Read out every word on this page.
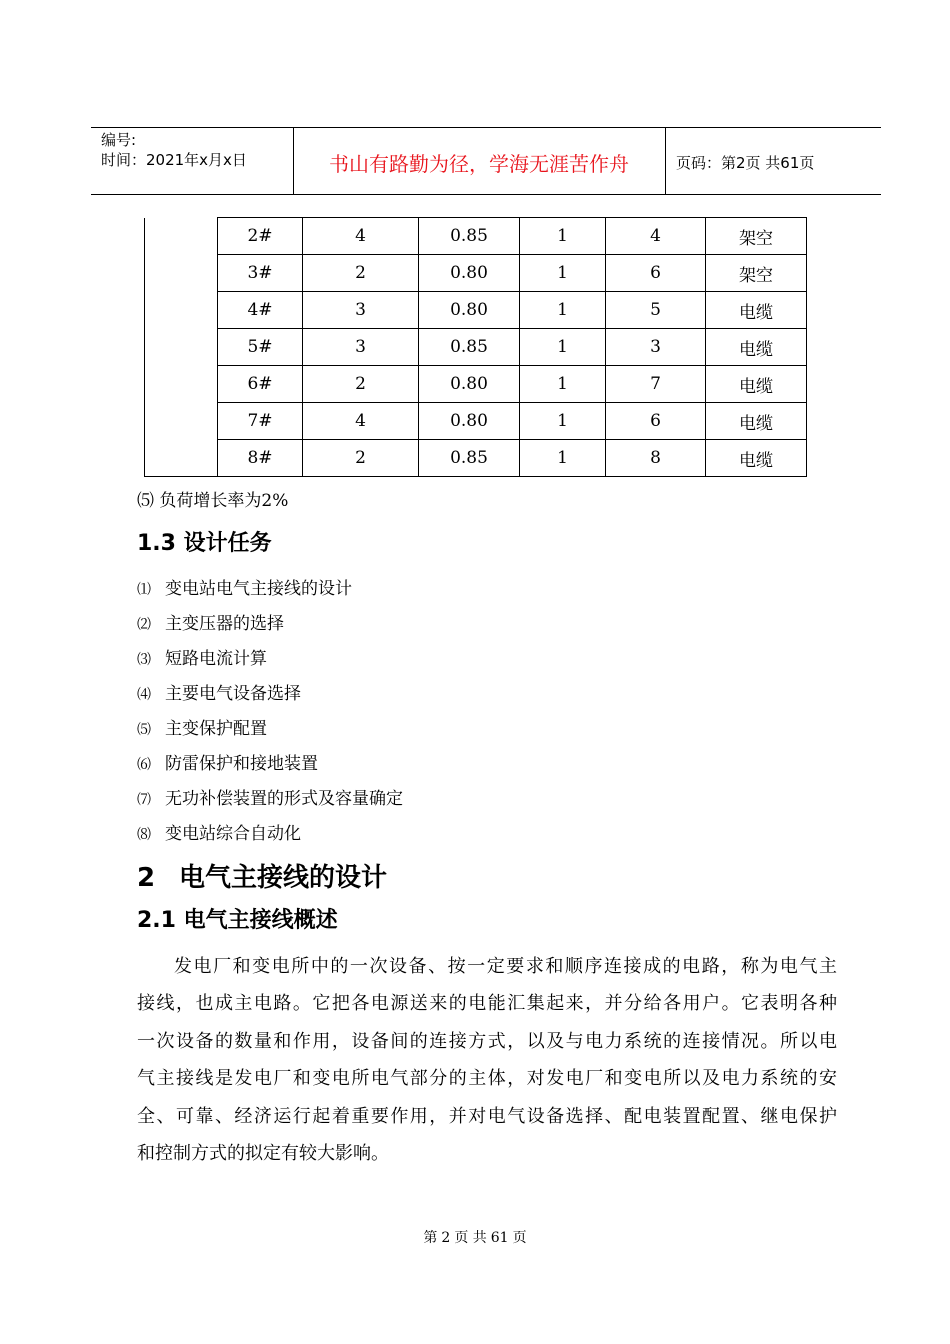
编号:
时间：2021年x月x日	书山有路勤为径，学海无涯苦作舟	页码：第2页 共61页
	2#	4	0.85	1	4	架空
	3#	2	0.80	1	6	架空
	4#	3	0.80	1	5	电缆
	5#	3	0.85	1	3	电缆
	6#	2	0.80	1	7	电缆
	7#	4	0.80	1	6	电缆
	8#	2	0.85	1	8	电缆
⑸ 负荷增长率为2%
1.3 设计任务
⑴ 变电站电气主接线的设计
⑵ 主变压器的选择
⑶ 短路电流计算
⑷ 主要电气设备选择
⑸ 主变保护配置
⑹ 防雷保护和接地装置
⑺ 无功补偿装置的形式及容量确定
⑻ 变电站综合自动化
2 电气主接线的设计
2.1 电气主接线概述
发电厂和变电所中的一次设备、按一定要求和顺序连接成的电路，称为电气主
接线，也成主电路。它把各电源送来的电能汇集起来，并分给各用户。它表明各种
一次设备的数量和作用，设备间的连接方式，以及与电力系统的连接情况。所以电
气主接线是发电厂和变电所电气部分的主体，对发电厂和变电所以及电力系统的安
全、可靠、经济运行起着重要作用，并对电气设备选择、配电装置配置、继电保护
和控制方式的拟定有较大影响。
第 2 页 共 61 页
